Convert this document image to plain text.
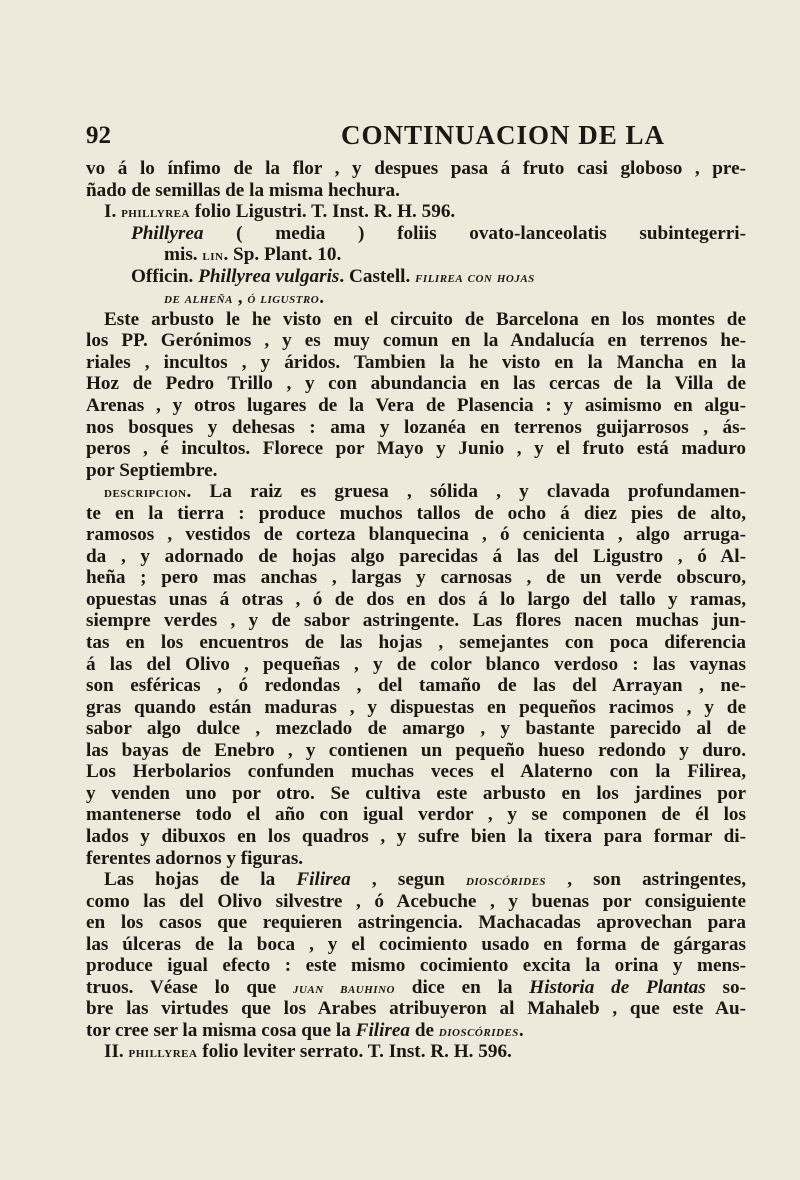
92	CONTINUACION DE LA
vo á lo ínfimo de la flor , y despues pasa á fruto casi globoso , pre-
ñado de semillas de la misma hechura.
I. phillyrea folio Ligustri. T. Inst. R. H. 596.
Phillyrea ( media ) foliis ovato-lanceolatis subintegerri-
mis. lin. Sp. Plant. 10.
Officin. Phillyrea vulgaris. Castell. filirea con hojas
de alheña , ó ligustro.
Este arbusto le he visto en el circuito de Barcelona en los montes de
los PP. Gerónimos , y es muy comun en la Andalucía en terrenos he-
riales , incultos , y áridos. Tambien la he visto en la Mancha en la
Hoz de Pedro Trillo , y con abundancia en las cercas de la Villa de
Arenas , y otros lugares de la Vera de Plasencia : y asimismo en algu-
nos bosques y dehesas : ama y lozanéa en terrenos guijarrosos , ás-
peros , é incultos. Florece por Mayo y Junio , y el fruto está maduro
por Septiembre.
descripcion. La raiz es gruesa , sólida , y clavada profundamen-
te en la tierra : produce muchos tallos de ocho á diez pies de alto,
ramosos , vestidos de corteza blanquecina , ó cenicienta , algo arruga-
da , y adornado de hojas algo parecidas á las del Ligustro , ó Al-
heña ; pero mas anchas , largas y carnosas , de un verde obscuro,
opuestas unas á otras , ó de dos en dos á lo largo del tallo y ramas,
siempre verdes , y de sabor astringente. Las flores nacen muchas jun-
tas en los encuentros de las hojas , semejantes con poca diferencia
á las del Olivo , pequeñas , y de color blanco verdoso : las vaynas
son esféricas , ó redondas , del tamaño de las del Arrayan , ne-
gras quando están maduras , y dispuestas en pequeños racimos , y de
sabor algo dulce , mezclado de amargo , y bastante parecido al de
las bayas de Enebro , y contienen un pequeño hueso redondo y duro.
Los Herbolarios confunden muchas veces el Alaterno con la Filirea,
y venden uno por otro. Se cultiva este arbusto en los jardines por
mantenerse todo el año con igual verdor , y se componen de él los
lados y dibuxos en los quadros , y sufre bien la tixera para formar di-
ferentes adornos y figuras.
Las hojas de la Filirea , segun dioscórides , son astringentes,
como las del Olivo silvestre , ó Acebuche , y buenas por consiguiente
en los casos que requieren astringencia. Machacadas aprovechan para
las úlceras de la boca , y el cocimiento usado en forma de gárgaras
produce igual efecto : este mismo cocimiento excita la orina y mens-
truos. Véase lo que juan bauhino dice en la Historia de Plantas so-
bre las virtudes que los Arabes atribuyeron al Mahaleb , que este Au-
tor cree ser la misma cosa que la Filirea de dioscórides.
II. phillyrea folio leviter serrato. T. Inst. R. H. 596.
